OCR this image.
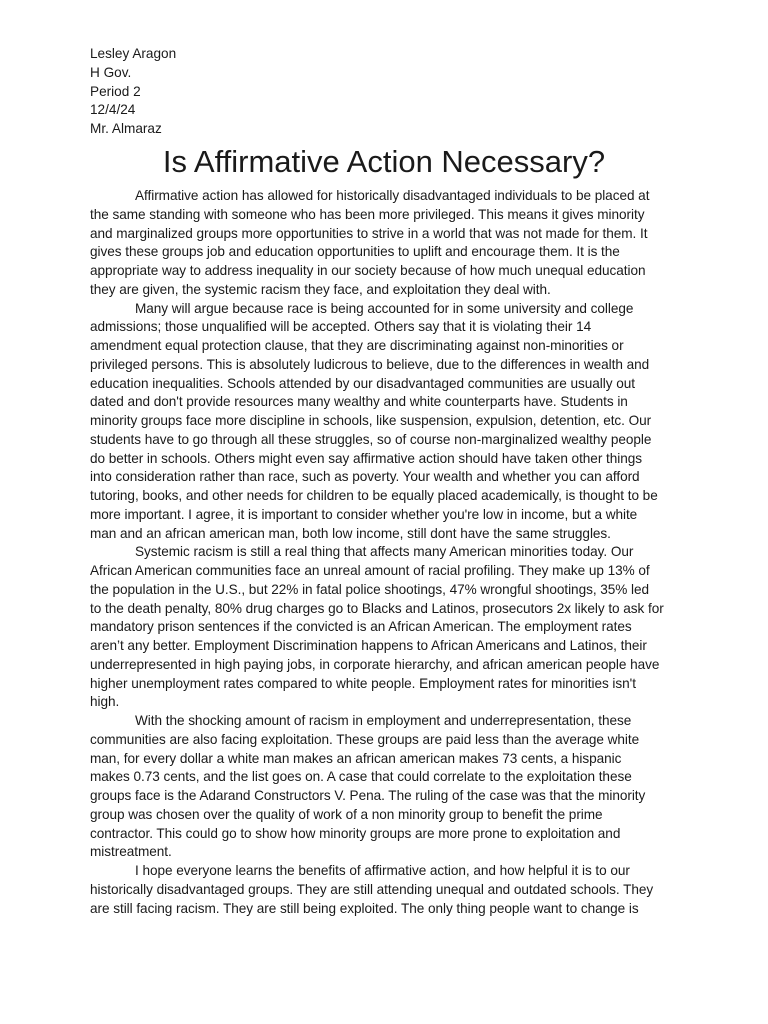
Lesley Aragon
H Gov.
Period 2
12/4/24
Mr. Almaraz
Is Affirmative Action Necessary?

Affirmative action has allowed for historically disadvantaged individuals to be placed at
the same standing with someone who has been more privileged. This means it gives minority
and marginalized groups more opportunities to strive in a world that was not made for them. It
gives these groups job and education opportunities to uplift and encourage them. It is the
appropriate way to address inequality in our society because of how much unequal education
they are given, the systemic racism they face, and exploitation they deal with.

Many will argue because race is being accounted for in some university and college
admissions; those unqualified will be accepted. Others say that it is violating their 14
amendment equal protection clause, that they are discriminating against non-minorities or
privileged persons. This is absolutely ludicrous to believe, due to the differences in wealth and
education inequalities. Schools attended by our disadvantaged communities are usually out
dated and don't provide resources many wealthy and white counterparts have. Students in
minority groups face more discipline in schools, like suspension, expulsion, detention, etc. Our
students have to go through all these struggles, so of course non-marginalized wealthy people
do better in schools. Others might even say affirmative action should have taken other things
into consideration rather than race, such as poverty. Your wealth and whether you can afford
tutoring, books, and other needs for children to be equally placed academically, is thought to be
more important. I agree, it is important to consider whether you're low in income, but a white
man and an african american man, both low income, still dont have the same struggles.

Systemic racism is still a real thing that affects many American minorities today. Our
African American communities face an unreal amount of racial profiling. They make up 13% of
the population in the U.S., but 22% in fatal police shootings, 47% wrongful shootings, 35% led
to the death penalty, 80% drug charges go to Blacks and Latinos, prosecutors 2x likely to ask for
mandatory prison sentences if the convicted is an African American. The employment rates
aren’t any better. Employment Discrimination happens to African Americans and Latinos, their
underrepresented in high paying jobs, in corporate hierarchy, and african american people have
higher unemployment rates compared to white people. Employment rates for minorities isn't
high.

With the shocking amount of racism in employment and underrepresentation, these
communities are also facing exploitation. These groups are paid less than the average white
man, for every dollar a white man makes an african american makes 73 cents, a hispanic
makes 0.73 cents, and the list goes on. A case that could correlate to the exploitation these
groups face is the Adarand Constructors V. Pena. The ruling of the case was that the minority
group was chosen over the quality of work of a non minority group to benefit the prime
contractor. This could go to show how minority groups are more prone to exploitation and
mistreatment.

I hope everyone learns the benefits of affirmative action, and how helpful it is to our
historically disadvantaged groups. They are still attending unequal and outdated schools. They
are still facing racism. They are still being exploited. The only thing people want to change is
